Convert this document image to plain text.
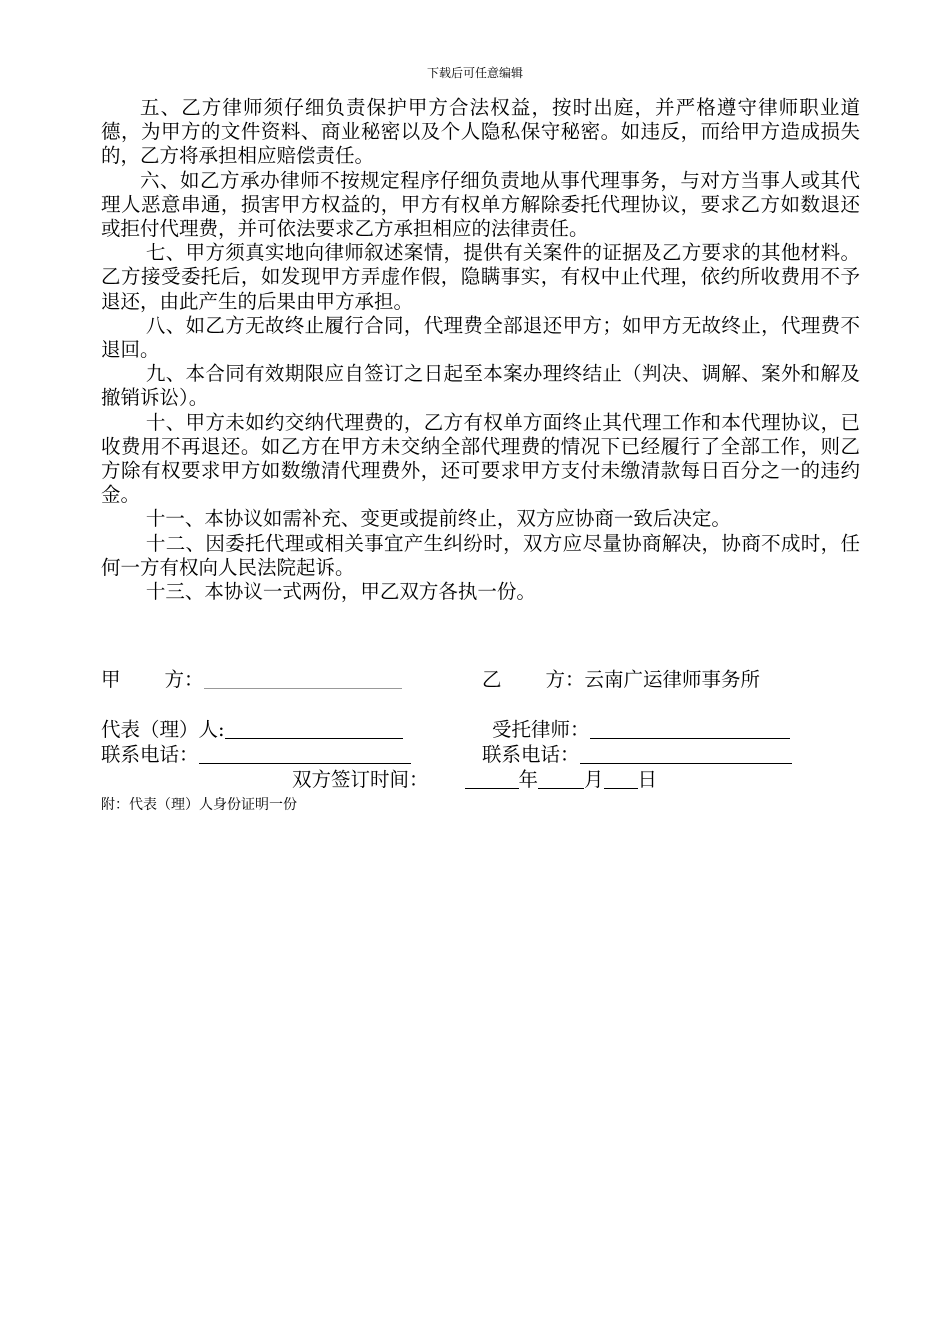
下载后可任意编辑

五、乙方律师须仔细负责保护甲方合法权益，按时出庭，并严格遵守律师职业道德，为甲方的文件资料、商业秘密以及个人隐私保守秘密。如违反，而给甲方造成损失的，乙方将承担相应赔偿责任。

六、如乙方承办律师不按规定程序仔细负责地从事代理事务，与对方当事人或其代理人恶意串通，损害甲方权益的，甲方有权单方解除委托代理协议，要求乙方如数退还或拒付代理费，并可依法要求乙方承担相应的法律责任。

七、甲方须真实地向律师叙述案情，提供有关案件的证据及乙方要求的其他材料。乙方接受委托后，如发现甲方弄虚作假，隐瞒事实，有权中止代理，依约所收费用不予退还，由此产生的后果由甲方承担。

八、如乙方无故终止履行合同，代理费全部退还甲方；如甲方无故终止，代理费不退回。

九、本合同有效期限应自签订之日起至本案办理终结止（判决、调解、案外和解及撤销诉讼）。

十、甲方未如约交纳代理费的，乙方有权单方面终止其代理工作和本代理协议，已收费用不再退还。如乙方在甲方未交纳全部代理费的情况下已经履行了全部工作，则乙方除有权要求甲方如数缴清代理费外，还可要求甲方支付未缴清款每日百分之一的违约金。

十一、本协议如需补充、变更或提前终止，双方应协商一致后决定。

十二、因委托代理或相关事宜产生纠纷时，双方应尽量协商解决，协商不成时，任何一方有权向人民法院起诉。

十三、本协议一式两份，甲乙双方各执一份。

甲 方：	乙 方：云南广运律师事务所
代表（理）人:	受托律师：
联系电话：	联系电话：
双方签订时间：	年 月 日
附：代表（理）人身份证明一份
